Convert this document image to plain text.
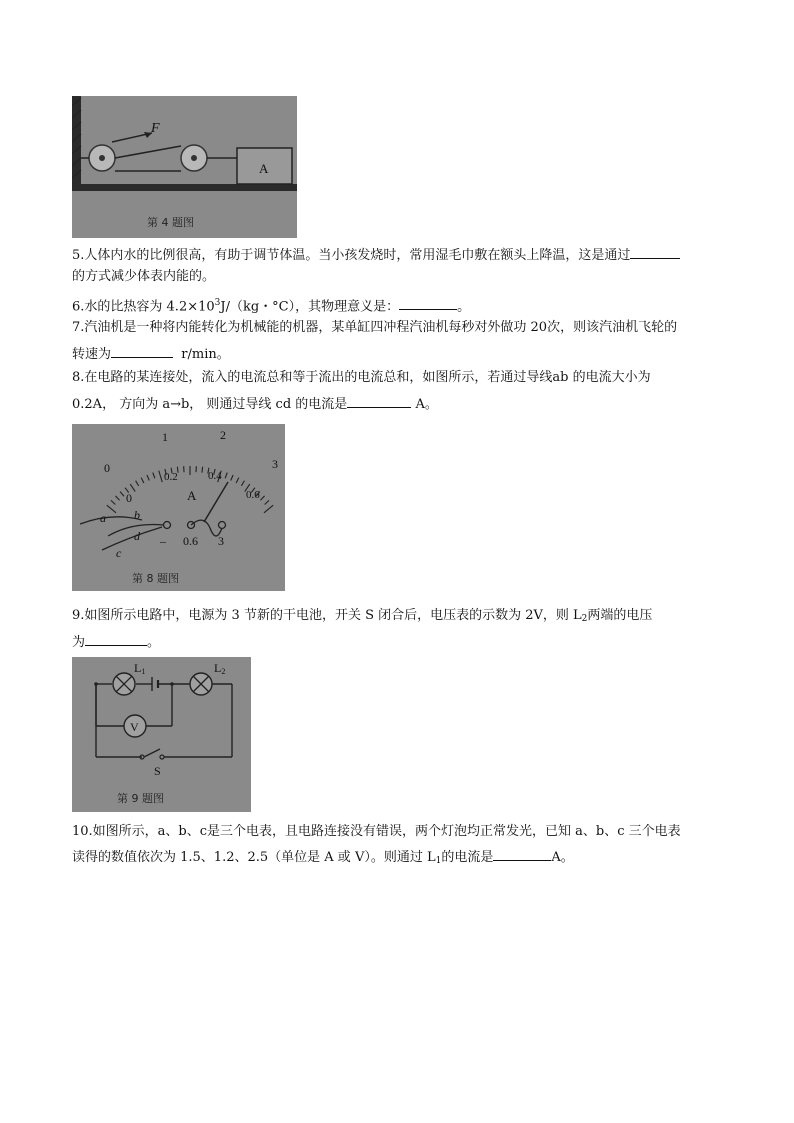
F
A
第 4 题图
5.人体内水的比例很高，有助于调节体温。当小孩发烧时，常用湿毛巾敷在额头上降温，这是通过
的方式减少体表内能的。
6.水的比热容为 $4.2\times 10^3J/(kg$・°C），其物理意义是：	。
7.汽油机是一种将内能转化为机械能的机器，某单缸四冲程汽油机每秒对外做功 20次，则该汽油机飞轮的
转速为	r/min。
8.在电路的某连接处，流入的电流总和等于流出的电流总和，如图所示，若通过导线ab 的电流大小为
0.2A， 方向为 a→b， 则通过导线 cd 的电流是	A。
0
1	2
3
0
0.2	0.4
0.6
A
a b
d
c
– 0.6 3
第 8 题图
9.如图所示电路中，电源为 3 节新的干电池，开关 S 闭合后，电压表的示数为 2V，则 $L_2$两端的电压
为	。
V
L1	L2
S
第 9 题图
10.如图所示，a、b、c是三个电表，且电路连接没有错误，两个灯泡均正常发光，已知 a、b、c 三个电表
读得的数值依次为 1.5、1.2、2.5（单位是 A 或 V）。则通过 $L_1$的电流是	A。
